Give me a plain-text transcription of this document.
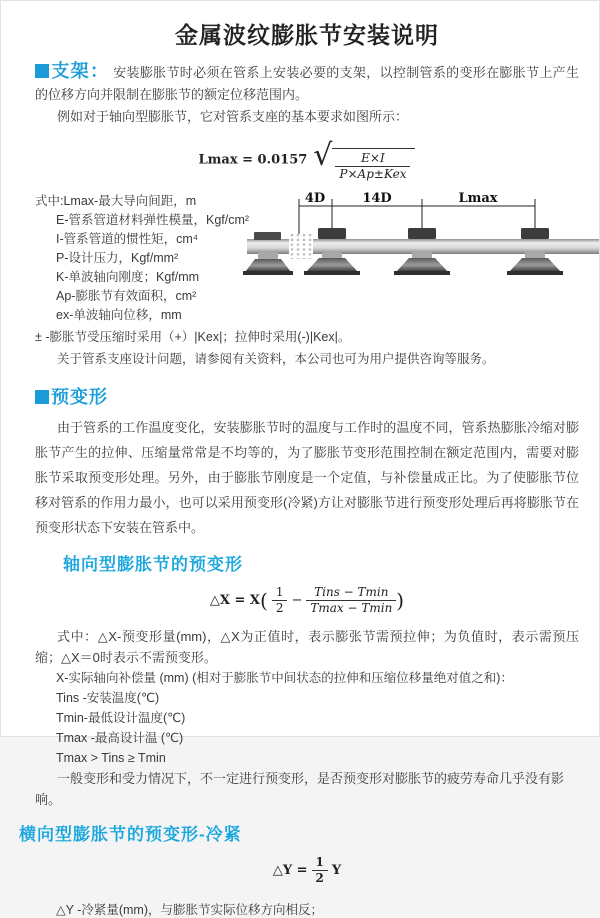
金属波纹膨胀节安装说明
支架： 安装膨胀节时必须在管系上安装必要的支架，以控制管系的变形在膨胀节上产生的位移方向并限制在膨胀节的额定位移范围内。
例如对于轴向型膨胀节，它对管系支座的基本要求如图所示：
Lmax = 0.0157 √ $\frac{E\times I}{\text{P×Ap±Kex}}$
式中:Lmax-最大导向间距，m
E-管系管道材料弹性模量，Kgf/cm²
I-管系管道的惯性矩，cm⁴
P-设计压力，Kgf/mm²
K-单波轴向刚度；Kgf/mm
Ap-膨胀节有效面积，cm²
ex-单波轴向位移，mm
4D	14D	Lmax
± -膨胀节受压缩时采用（+）|Kex|；拉伸时采用(-)|Kex|。
关于管系支座设计问题，请参阅有关资料，本公司也可为用户提供咨询等服务。
预变形
由于管系的工作温度变化，安装膨胀节时的温度与工作时的温度不同，管系热膨胀冷缩对膨胀节产生的拉伸、压缩量常常是不均等的，为了膨胀节变形范围控制在额定范围内，需要对膨胀节采取预变形处理。另外，由于膨胀节刚度是一个定值，与补偿量成正比。为了使膨胀节位移对管系的作用力最小，也可以采用预变形(冷紧)方让对膨胀节进行预变形处理后再将膨胀节在预变形状态下安装在管系中。
轴向型膨胀节的预变形
△X = $X( \frac{1}{2} - \frac{\text{Tins − Tmin}}{Tmax - Tmin}$ )
式中：△X-预变形量(mm)，△X为正值时，表示膨张节需预拉伸；为负值时，表示需预压缩；△X＝0时表示不需预变形。
X-实际轴向补偿量 (mm) (相对于膨胀节中间状态的拉伸和压缩位移量绝对值之和)：
Tins -安装温度(℃)
Tmin-最低设计温度(℃)
Tmax -最高设计温 (℃)
Tmax > Tins ≥ Tmin
一般变形和受力情况下，不一定进行预变形，是否预变形对膨胀节的疲劳寿命几乎没有影响。
横向型膨胀节的预变形-冷紧
△Y = $\frac{1}{2}$ Y
△Y -冷紧量(mm)，与膨胀节实际位移方向相反；
